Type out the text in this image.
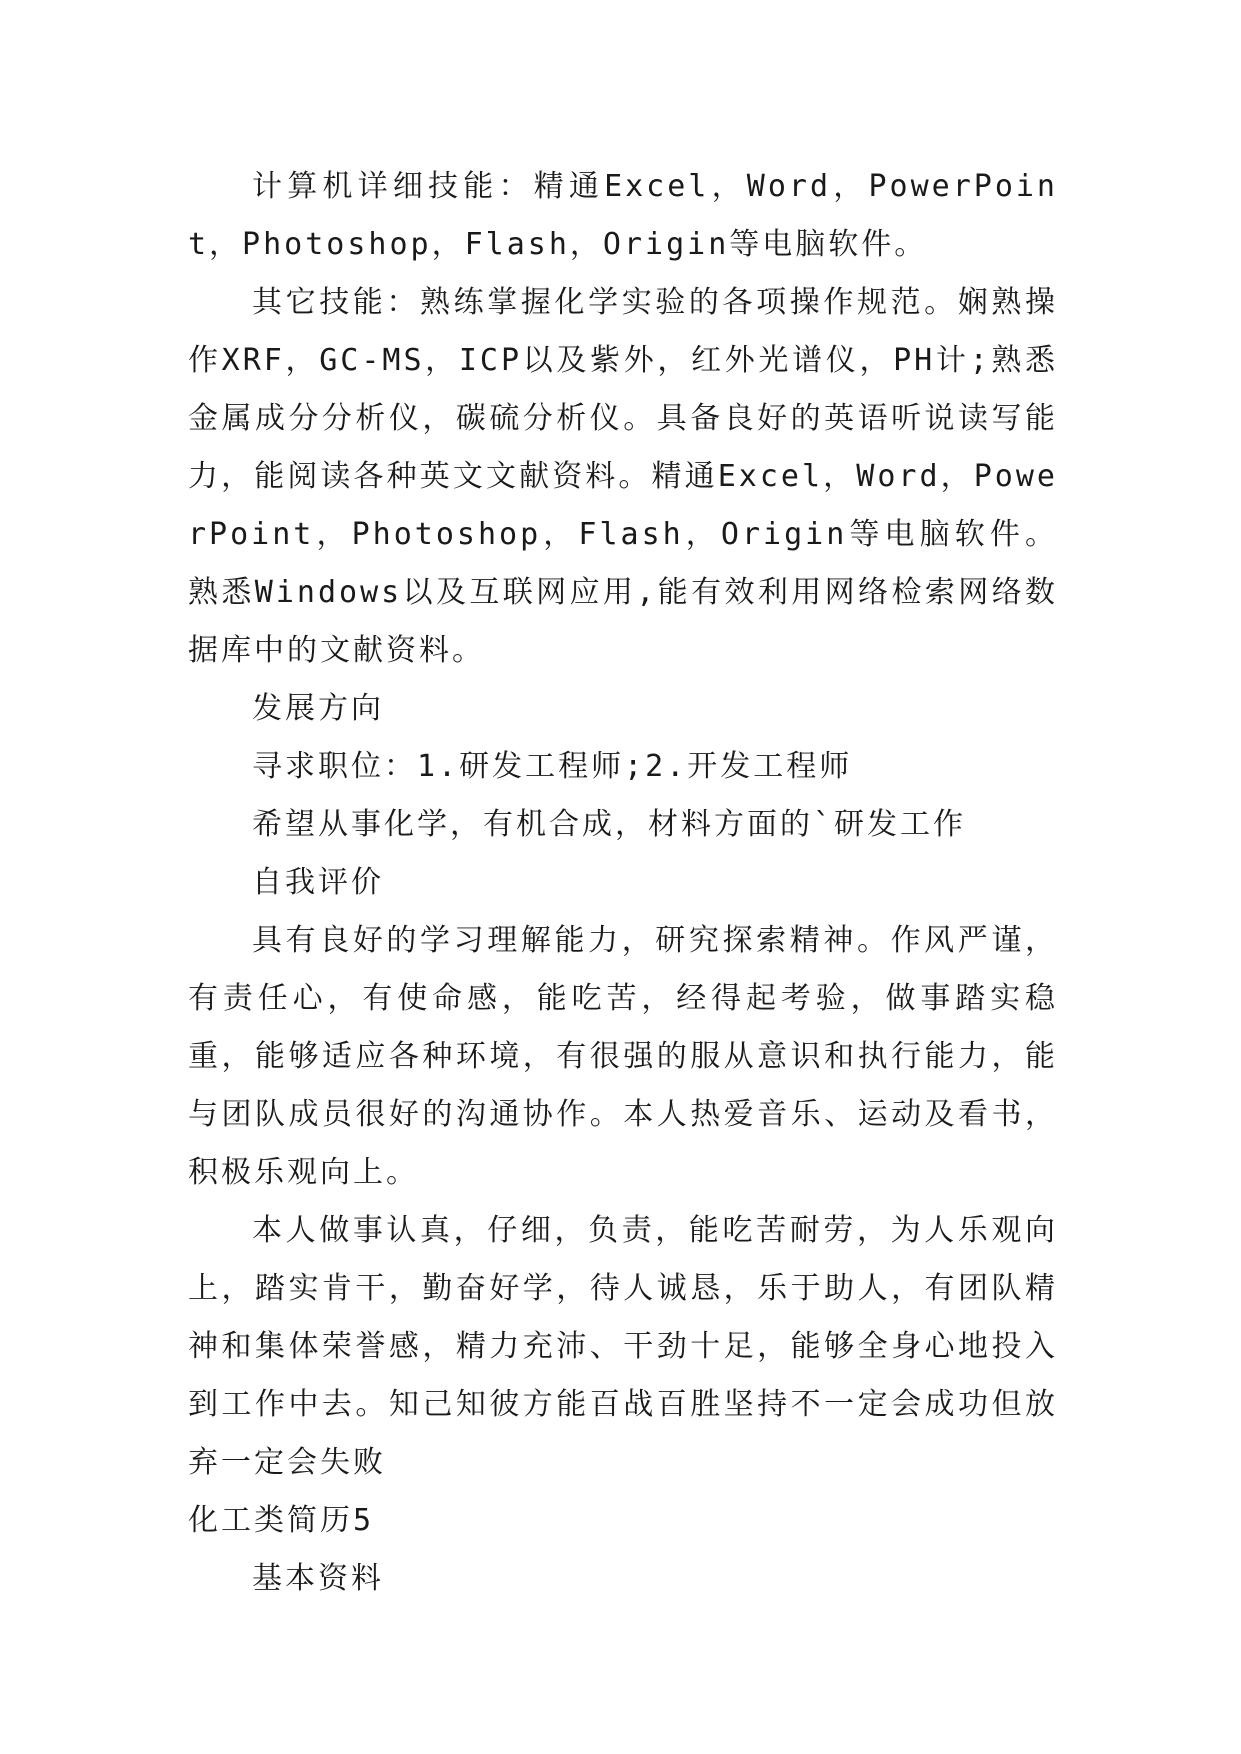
计算机详细技能：精通Excel，Word，PowerPoint，Photoshop，Flash，Origin等电脑软件。

其它技能：熟练掌握化学实验的各项操作规范。娴熟操作XRF，GC-MS，ICP以及紫外，红外光谱仪，PH计;熟悉金属成分分析仪，碳硫分析仪。具备良好的英语听说读写能力，能阅读各种英文文献资料。精通Excel，Word，PowerPoint，Photoshop，Flash，Origin等电脑软件。熟悉Windows以及互联网应用,能有效利用网络检索网络数据库中的文献资料。

发展方向

寻求职位：1.研发工程师;2.开发工程师

希望从事化学，有机合成，材料方面的`研发工作

自我评价

具有良好的学习理解能力，研究探索精神。作风严谨，有责任心，有使命感，能吃苦，经得起考验，做事踏实稳重，能够适应各种环境，有很强的服从意识和执行能力，能与团队成员很好的沟通协作。本人热爱音乐、运动及看书，积极乐观向上。

本人做事认真，仔细，负责，能吃苦耐劳，为人乐观向上，踏实肯干，勤奋好学，待人诚恳，乐于助人，有团队精神和集体荣誉感，精力充沛、干劲十足，能够全身心地投入到工作中去。知己知彼方能百战百胜坚持不一定会成功但放弃一定会失败

化工类简历5

基本资料
